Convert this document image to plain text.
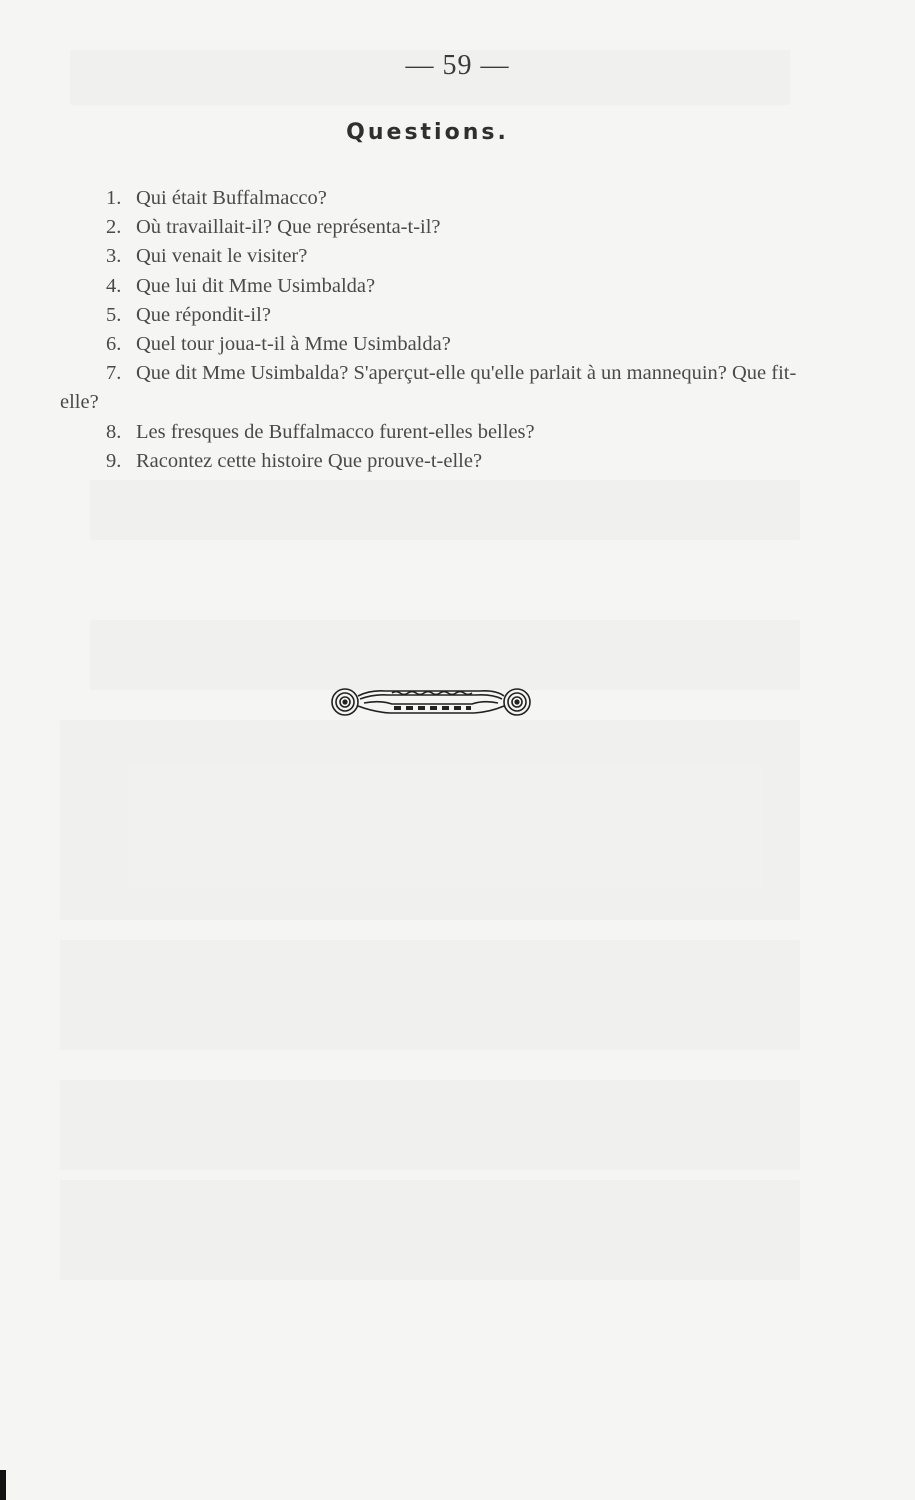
— 59 —
Questions.
1. Qui était Buffalmacco?
2. Où travaillait-il? Que représenta-t-il?
3. Qui venait le visiter?
4. Que lui dit Mme Usimbalda?
5. Que répondit-il?
6. Quel tour joua-t-il à Mme Usimbalda?
7. Que dit Mme Usimbalda? S'aperçut-elle qu'elle parlait à un mannequin? Que fit-elle?
8. Les fresques de Buffalmacco furent-elles belles?
9. Racontez cette histoire Que prouve-t-elle?
